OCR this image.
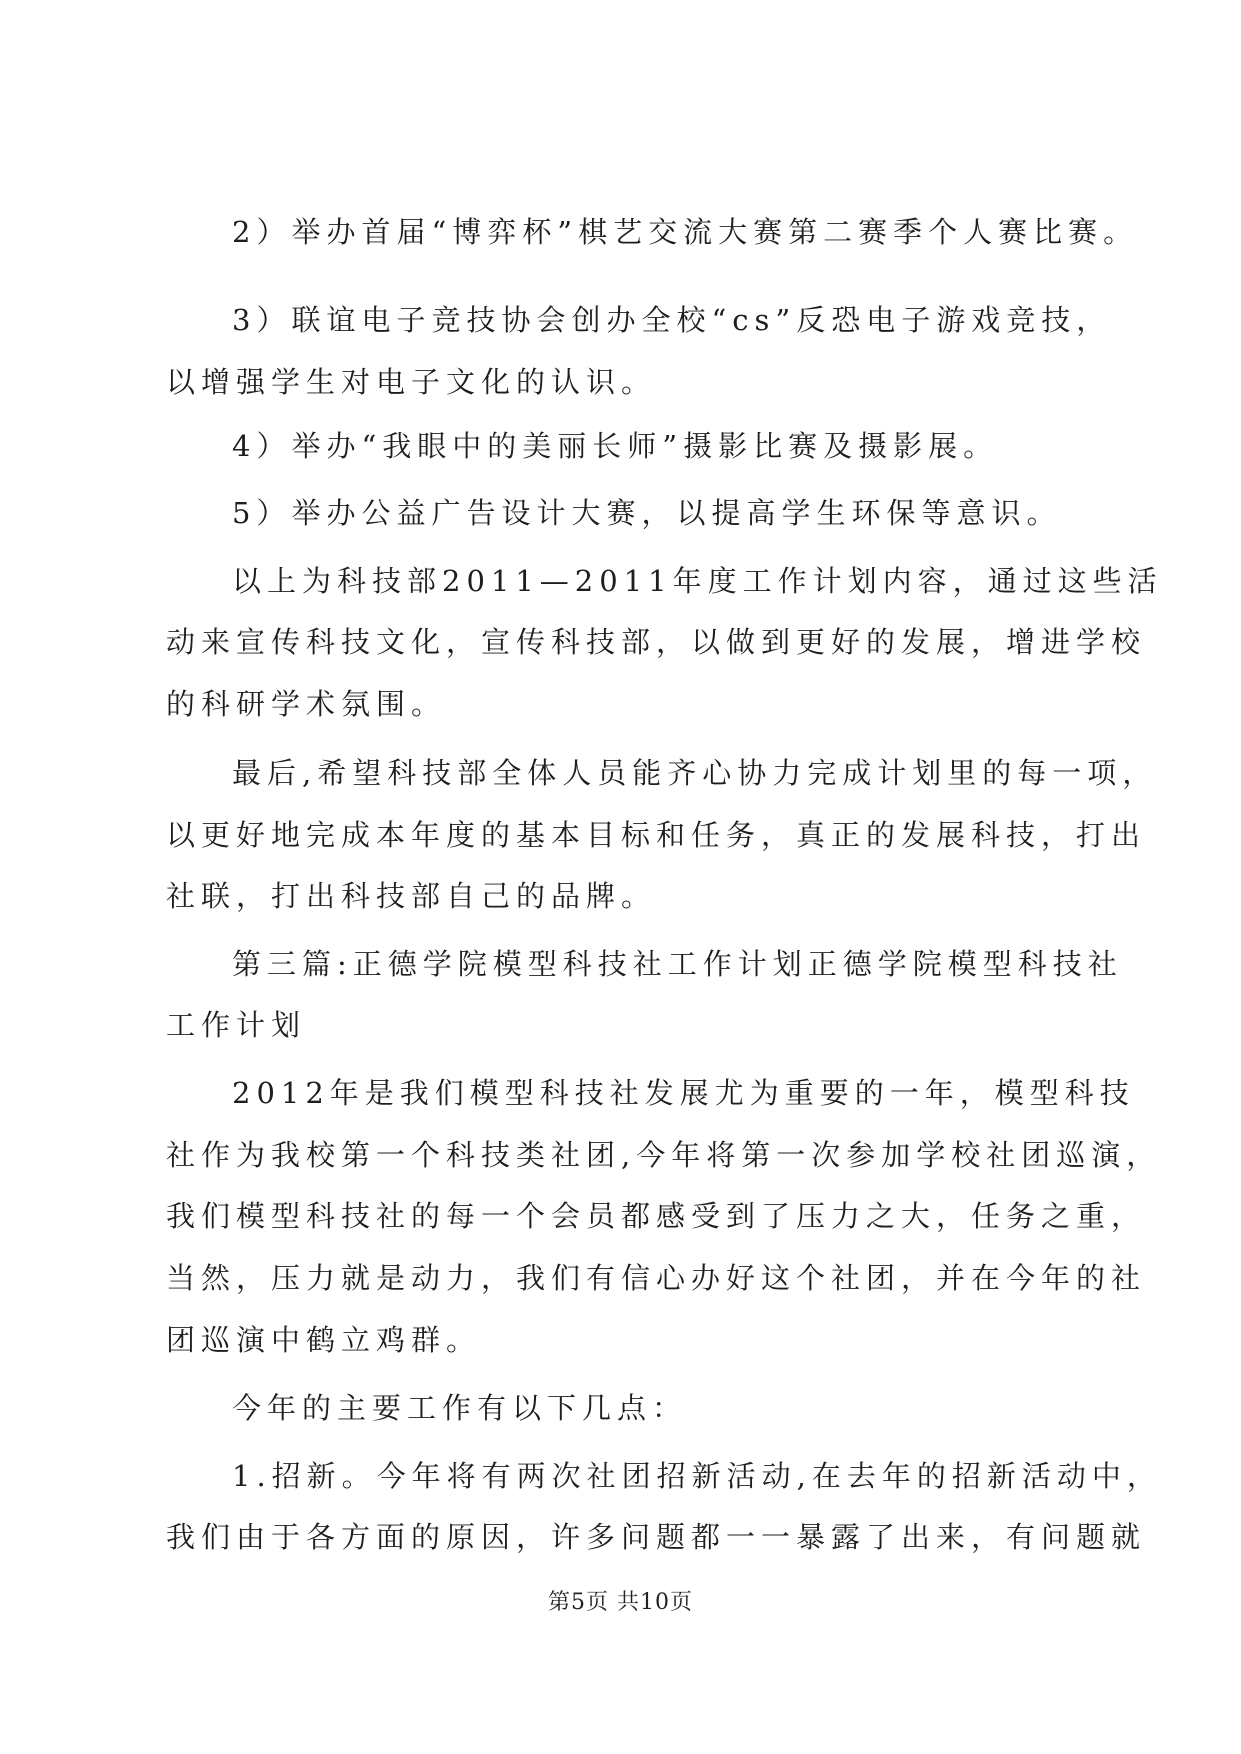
2）举办首届“博弈杯”棋艺交流大赛第二赛季个人赛比赛。
3）联谊电子竞技协会创办全校“cs”反恐电子游戏竞技，
以增强学生对电子文化的认识。
4）举办“我眼中的美丽长师”摄影比赛及摄影展。
5）举办公益广告设计大赛，以提高学生环保等意识。
以上为科技部2011—2011年度工作计划内容，通过这些活
动来宣传科技文化，宣传科技部，以做到更好的发展，增进学校
的科研学术氛围。
最后,希望科技部全体人员能齐心协力完成计划里的每一项，
以更好地完成本年度的基本目标和任务，真正的发展科技，打出
社联，打出科技部自己的品牌。
第三篇:正德学院模型科技社工作计划正德学院模型科技社
工作计划
2012年是我们模型科技社发展尤为重要的一年，模型科技
社作为我校第一个科技类社团,今年将第一次参加学校社团巡演，
我们模型科技社的每一个会员都感受到了压力之大，任务之重，
当然，压力就是动力，我们有信心办好这个社团，并在今年的社
团巡演中鹤立鸡群。
今年的主要工作有以下几点：
1.招新。今年将有两次社团招新活动,在去年的招新活动中，
我们由于各方面的原因，许多问题都一一暴露了出来，有问题就
第5页 共10页
